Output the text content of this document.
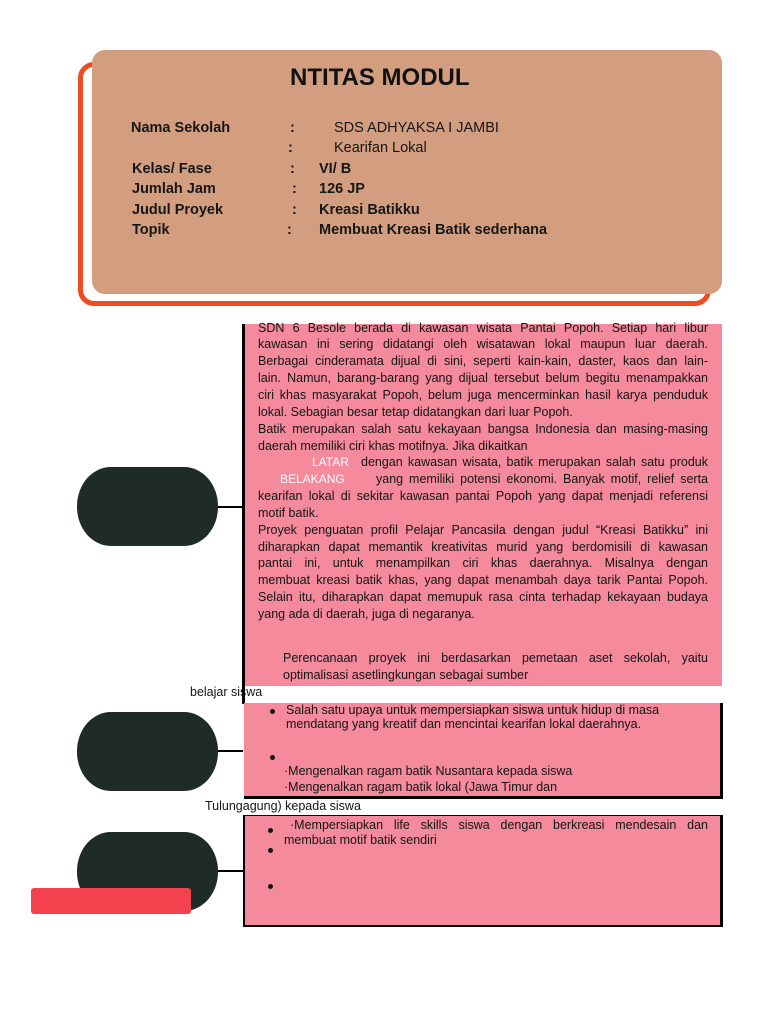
NTITAS MODUL
Nama Sekolah	:	SDS ADHYAKSA I JAMBI
:	Kearifan Lokal
Kelas/ Fase	: VI/ B
Jumlah Jam	: 126 JP
Judul Proyek	: Kreasi Batikku
Topik	: Membuat Kreasi Batik sederhana
SDN 6 Besole berada di kawasan wisata Pantai Popoh. Setiap hari libur
kawasan ini sering didatangi oleh wisatawan lokal maupun luar daerah.
Berbagai cinderamata dijual di sini, seperti kain-kain, daster, kaos dan lain-
lain. Namun, barang-barang yang dijual tersebut belum begitu menampakkan
ciri khas masyarakat Popoh, belum juga mencerminkan hasil karya penduduk
lokal. Sebagian besar tetap didatangkan dari luar Popoh.
Batik merupakan salah satu kekayaan bangsa Indonesia dan masing-masing
daerah memiliki ciri khas motifnya. Jika dikaitkan
LATAR dengan kawasan wisata, batik merupakan salah satu produk
BELAKANG	yang memiliki potensi ekonomi. Banyak motif, relief serta
kearifan lokal di sekitar kawasan pantai Popoh yang dapat menjadi referensi
motif batik.
Proyek penguatan profil Pelajar Pancasila dengan judul “Kreasi Batikku” ini
diharapkan dapat memantik kreativitas murid yang berdomisili di kawasan
pantai ini, untuk menampilkan ciri khas daerahnya. Misalnya dengan
membuat kreasi batik khas, yang dapat menambah daya tarik Pantai Popoh.
Selain itu, diharapkan dapat memupuk rasa cinta terhadap kekayaan budaya
yang ada di daerah, juga di negaranya.
Perencanaan proyek ini berdasarkan pemetaan aset sekolah, yaitu
optimalisasi asetlingkungan sebagai sumber
belajar siswa
Salah satu upaya untuk mempersiapkan siswa untuk hidup di masa
mendatang yang kreatif dan mencintai kearifan lokal daerahnya.
·Mengenalkan ragam batik Nusantara kepada siswa
·Mengenalkan ragam batik lokal (Jawa Timur dan
Tulungagung) kepada siswa
·Mempersiapkan life skills siswa dengan berkreasi mendesain dan
membuat motif batik sendiri
